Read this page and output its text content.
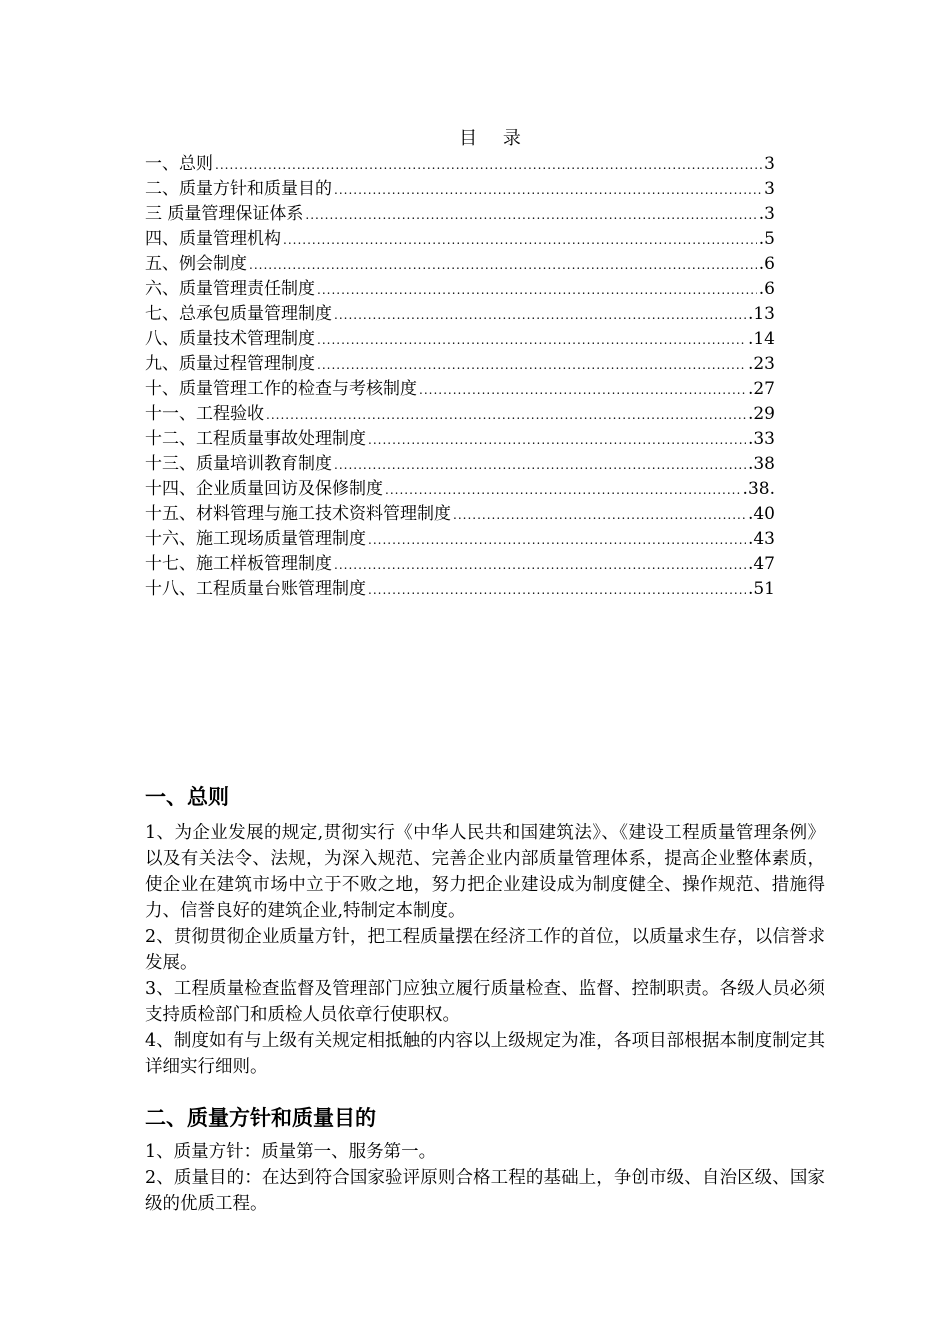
目 录
一、总则 .....	3
二、质量方针和质量目的 .....	3
三 质量管理保证体系 .....	.3
四、质量管理机构 .....	.5
五、例会制度 .....	.6
六、质量管理责任制度 .....	.6
七、总承包质量管理制度 .....	.13
八、质量技术管理制度 .....	.14
九、质量过程管理制度 .....	.23
十、质量管理工作的检查与考核制度 .....	.27
十一、工程验收 .....	.29
十二、工程质量事故处理制度 .....	.33
十三、质量培训教育制度 .....	.38
十四、企业质量回访及保修制度 .....	.38.
十五、材料管理与施工技术资料管理制度 .....	.40
十六、施工现场质量管理制度 .....	.43
十七、施工样板管理制度 .....	.47
十八、工程质量台账管理制度 .....	.51
一、总则

1、为企业发展的规定,贯彻实行《中华人民共和国建筑法》、《建设工程质量管理条例》以及有关法令、法规，为深入规范、完善企业内部质量管理体系，提高企业整体素质，使企业在建筑市场中立于不败之地，努力把企业建设成为制度健全、操作规范、措施得力、信誉良好的建筑企业,特制定本制度。

2、贯彻贯彻企业质量方针，把工程质量摆在经济工作的首位，以质量求生存，以信誉求发展。

3、工程质量检查监督及管理部门应独立履行质量检查、监督、控制职责。各级人员必须支持质检部门和质检人员依章行使职权。

4、制度如有与上级有关规定相抵触的内容以上级规定为准，各项目部根据本制度制定其详细实行细则。

二、质量方针和质量目的

1、质量方针：质量第一、服务第一。

2、质量目的：在达到符合国家验评原则合格工程的基础上，争创市级、自治区级、国家级的优质工程。
